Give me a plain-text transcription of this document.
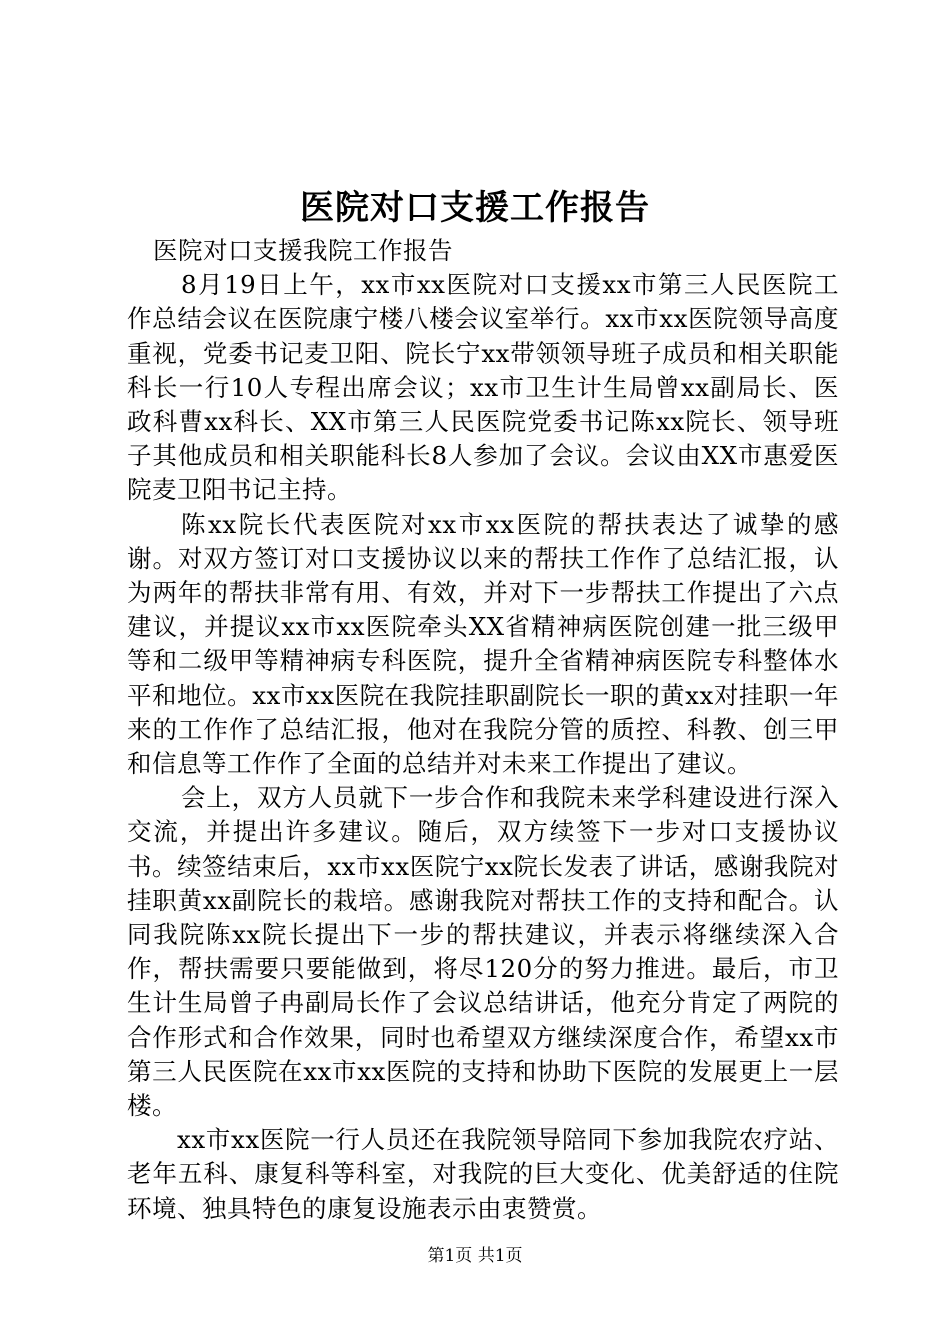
医院对口支援工作报告

医院对口支援我院工作报告

8月19日上午，xx市xx医院对口支援xx市第三人民医院工作总结会议在医院康宁楼八楼会议室举行。xx市xx医院领导高度重视，党委书记麦卫阳、院长宁xx带领领导班子成员和相关职能科长一行10人专程出席会议；xx市卫生计生局曾xx副局长、医政科曹xx科长、XX市第三人民医院党委书记陈xx院长、领导班子其他成员和相关职能科长8人参加了会议。会议由XX市惠爱医院麦卫阳书记主持。

陈xx院长代表医院对xx市xx医院的帮扶表达了诚挚的感谢。对双方签订对口支援协议以来的帮扶工作作了总结汇报，认为两年的帮扶非常有用、有效，并对下一步帮扶工作提出了六点建议，并提议xx市xx医院牵头XX省精神病医院创建一批三级甲等和二级甲等精神病专科医院，提升全省精神病医院专科整体水平和地位。xx市xx医院在我院挂职副院长一职的黄xx对挂职一年来的工作作了总结汇报，他对在我院分管的质控、科教、创三甲和信息等工作作了全面的总结并对未来工作提出了建议。

会上，双方人员就下一步合作和我院未来学科建设进行深入交流，并提出许多建议。随后，双方续签下一步对口支援协议书。续签结束后，xx市xx医院宁xx院长发表了讲话，感谢我院对挂职黄xx副院长的栽培。感谢我院对帮扶工作的支持和配合。认同我院陈xx院长提出下一步的帮扶建议，并表示将继续深入合作，帮扶需要只要能做到，将尽120分的努力推进。最后，市卫生计生局曾子冉副局长作了会议总结讲话，他充分肯定了两院的合作形式和合作效果，同时也希望双方继续深度合作，希望xx市第三人民医院在xx市xx医院的支持和协助下医院的发展更上一层楼。

xx市xx医院一行人员还在我院领导陪同下参加我院农疗站、老年五科、康复科等科室，对我院的巨大变化、优美舒适的住院环境、独具特色的康复设施表示由衷赞赏。

第1页 共1页
